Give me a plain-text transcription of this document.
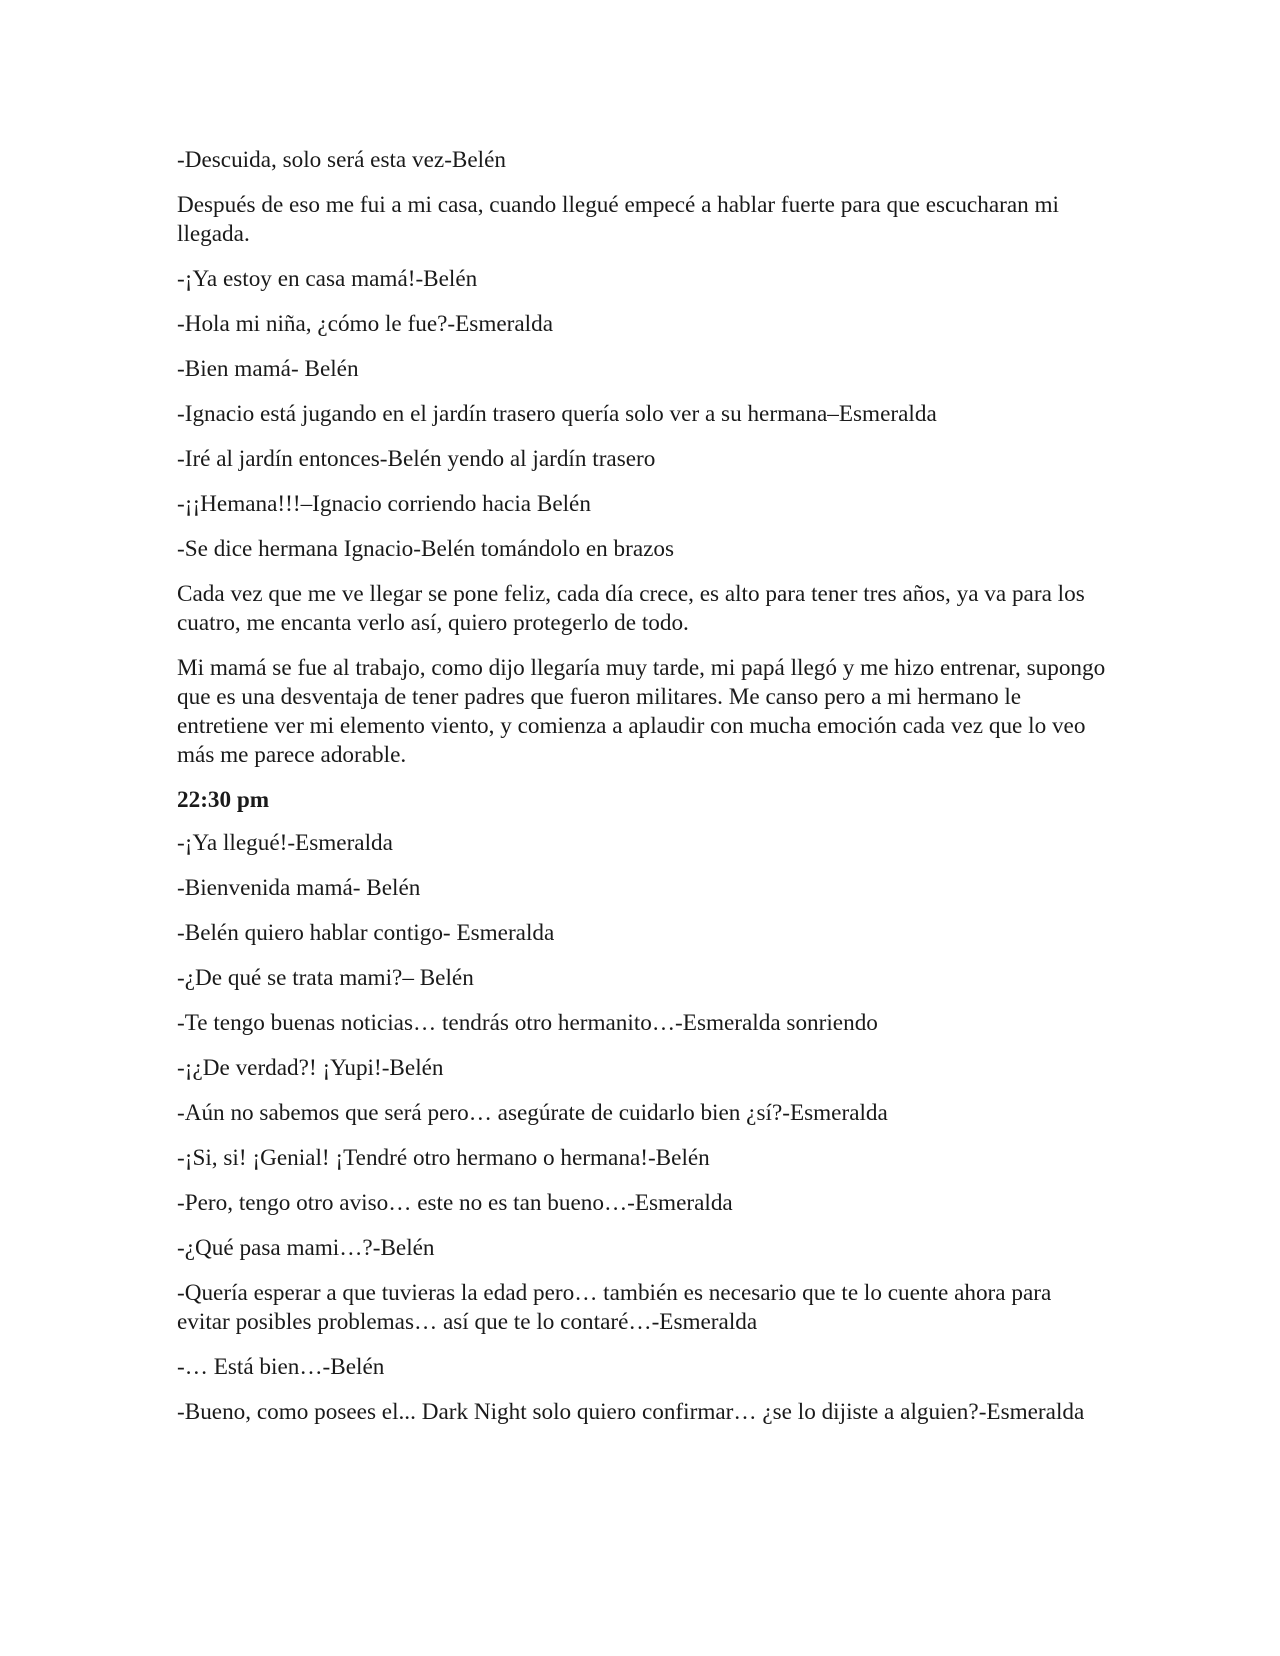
-Descuida, solo será esta vez-Belén

Después de eso me fui a mi casa, cuando llegué empecé a hablar fuerte para que escucharan mi llegada.

-¡Ya estoy en casa mamá!-Belén

-Hola mi niña, ¿cómo le fue?-Esmeralda

-Bien mamá- Belén

-Ignacio está jugando en el jardín trasero quería solo ver a su hermana–Esmeralda

-Iré al jardín entonces-Belén yendo al jardín trasero

-¡¡Hemana!!!–Ignacio corriendo hacia Belén

-Se dice hermana Ignacio-Belén tomándolo en brazos

Cada vez que me ve llegar se pone feliz, cada día crece, es alto para tener tres años, ya va para los cuatro, me encanta verlo así, quiero protegerlo de todo.

Mi mamá se fue al trabajo, como dijo llegaría muy tarde, mi papá llegó y me hizo entrenar, supongo que es una desventaja de tener padres que fueron militares. Me canso pero a mi hermano le entretiene ver mi elemento viento, y comienza a aplaudir con mucha emoción cada vez que lo veo más me parece adorable.

22:30 pm

-¡Ya llegué!-Esmeralda

-Bienvenida mamá- Belén

-Belén quiero hablar contigo- Esmeralda

-¿De qué se trata mami?– Belén

-Te tengo buenas noticias… tendrás otro hermanito…-Esmeralda sonriendo

-¡¿De verdad?! ¡Yupi!-Belén

-Aún no sabemos que será pero… asegúrate de cuidarlo bien ¿sí?-Esmeralda

-¡Si, si! ¡Genial! ¡Tendré otro hermano o hermana!-Belén

-Pero, tengo otro aviso… este no es tan bueno…-Esmeralda

-¿Qué pasa mami…?-Belén

-Quería esperar a que tuvieras la edad pero… también es necesario que te lo cuente ahora para evitar posibles problemas… así que te lo contaré…-Esmeralda

-… Está bien…-Belén

-Bueno, como posees el... Dark Night solo quiero confirmar… ¿se lo dijiste a alguien?-Esmeralda
